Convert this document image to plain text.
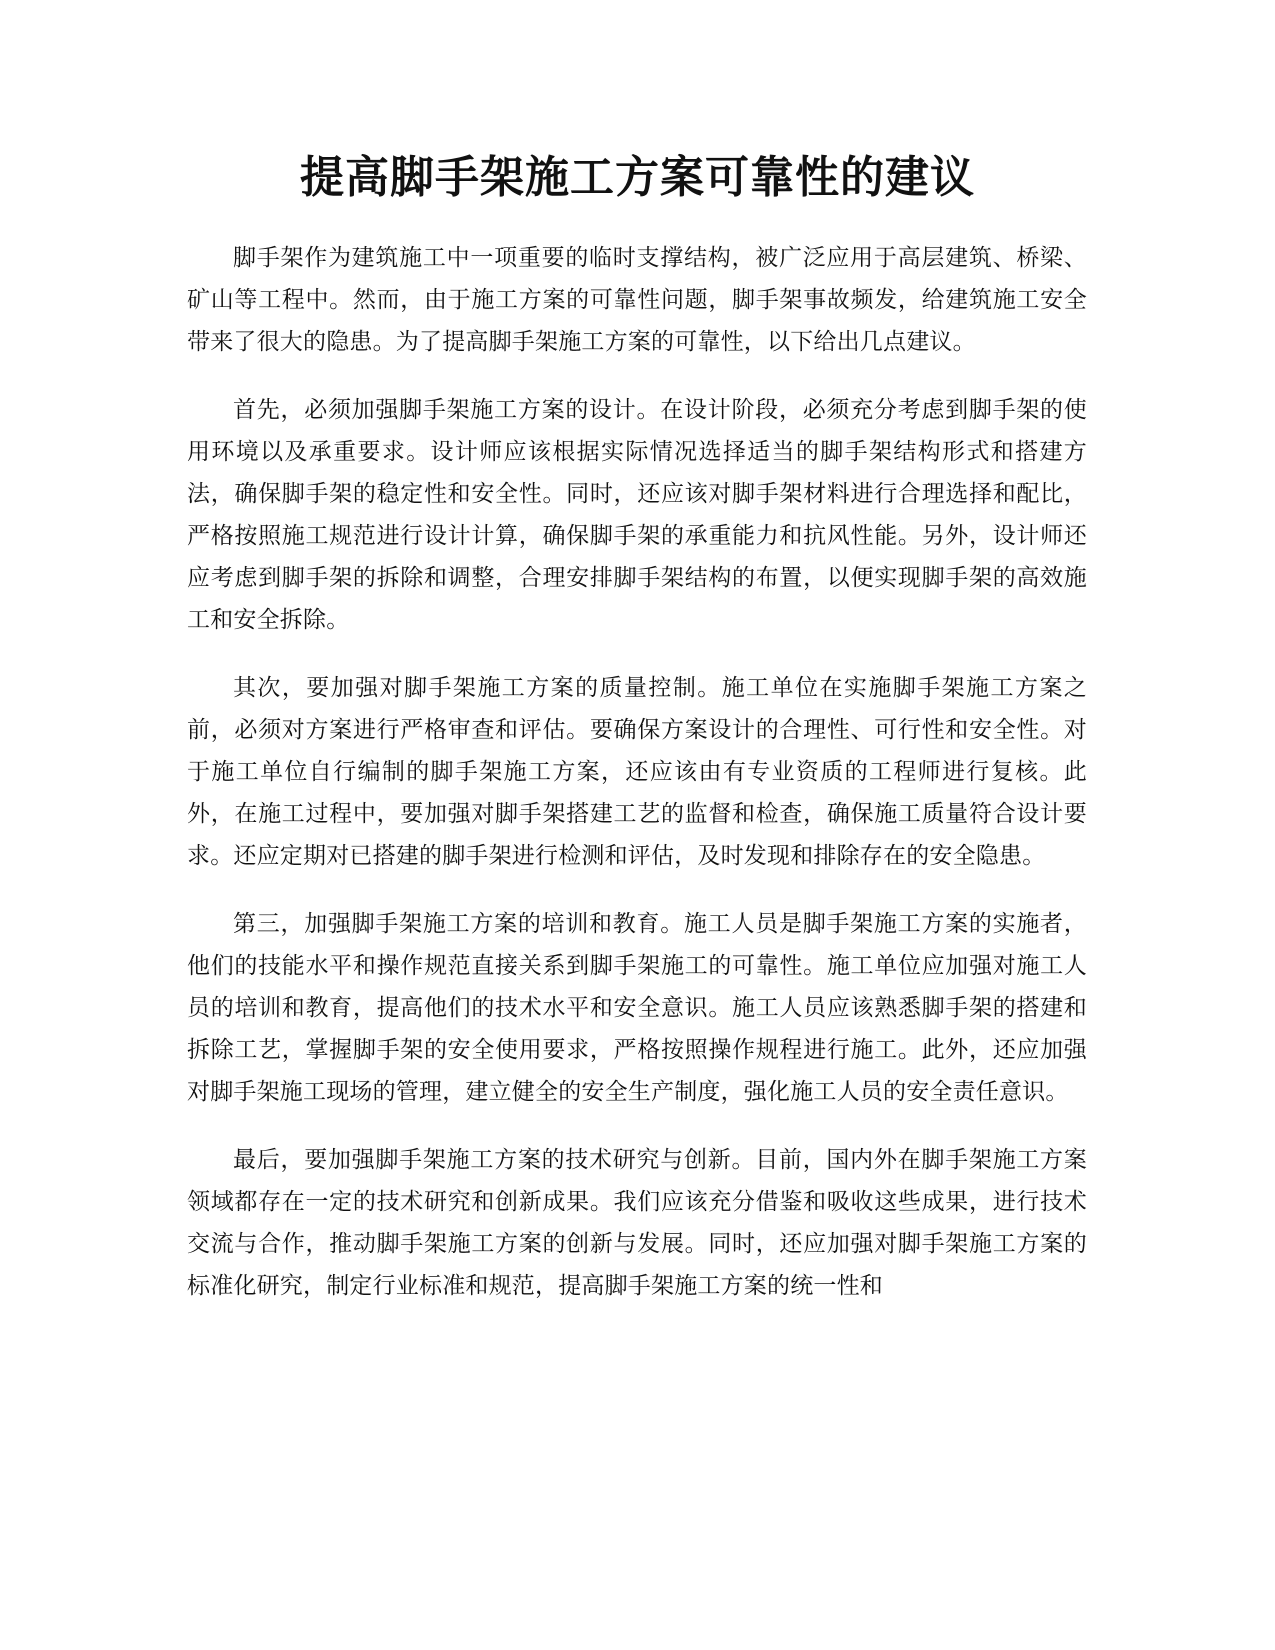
提高脚手架施工方案可靠性的建议

脚手架作为建筑施工中一项重要的临时支撑结构，被广泛应用于高层建筑、桥梁、矿山等工程中。然而，由于施工方案的可靠性问题，脚手架事故频发，给建筑施工安全带来了很大的隐患。为了提高脚手架施工方案的可靠性，以下给出几点建议。

首先，必须加强脚手架施工方案的设计。在设计阶段，必须充分考虑到脚手架的使用环境以及承重要求。设计师应该根据实际情况选择适当的脚手架结构形式和搭建方法，确保脚手架的稳定性和安全性。同时，还应该对脚手架材料进行合理选择和配比，严格按照施工规范进行设计计算，确保脚手架的承重能力和抗风性能。另外，设计师还应考虑到脚手架的拆除和调整，合理安排脚手架结构的布置，以便实现脚手架的高效施工和安全拆除。

其次，要加强对脚手架施工方案的质量控制。施工单位在实施脚手架施工方案之前，必须对方案进行严格审查和评估。要确保方案设计的合理性、可行性和安全性。对于施工单位自行编制的脚手架施工方案，还应该由有专业资质的工程师进行复核。此外，在施工过程中，要加强对脚手架搭建工艺的监督和检查，确保施工质量符合设计要求。还应定期对已搭建的脚手架进行检测和评估，及时发现和排除存在的安全隐患。

第三，加强脚手架施工方案的培训和教育。施工人员是脚手架施工方案的实施者，他们的技能水平和操作规范直接关系到脚手架施工的可靠性。施工单位应加强对施工人员的培训和教育，提高他们的技术水平和安全意识。施工人员应该熟悉脚手架的搭建和拆除工艺，掌握脚手架的安全使用要求，严格按照操作规程进行施工。此外，还应加强对脚手架施工现场的管理，建立健全的安全生产制度，强化施工人员的安全责任意识。

最后，要加强脚手架施工方案的技术研究与创新。目前，国内外在脚手架施工方案领域都存在一定的技术研究和创新成果。我们应该充分借鉴和吸收这些成果，进行技术交流与合作，推动脚手架施工方案的创新与发展。同时，还应加强对脚手架施工方案的标准化研究，制定行业标准和规范，提高脚手架施工方案的统一性和
